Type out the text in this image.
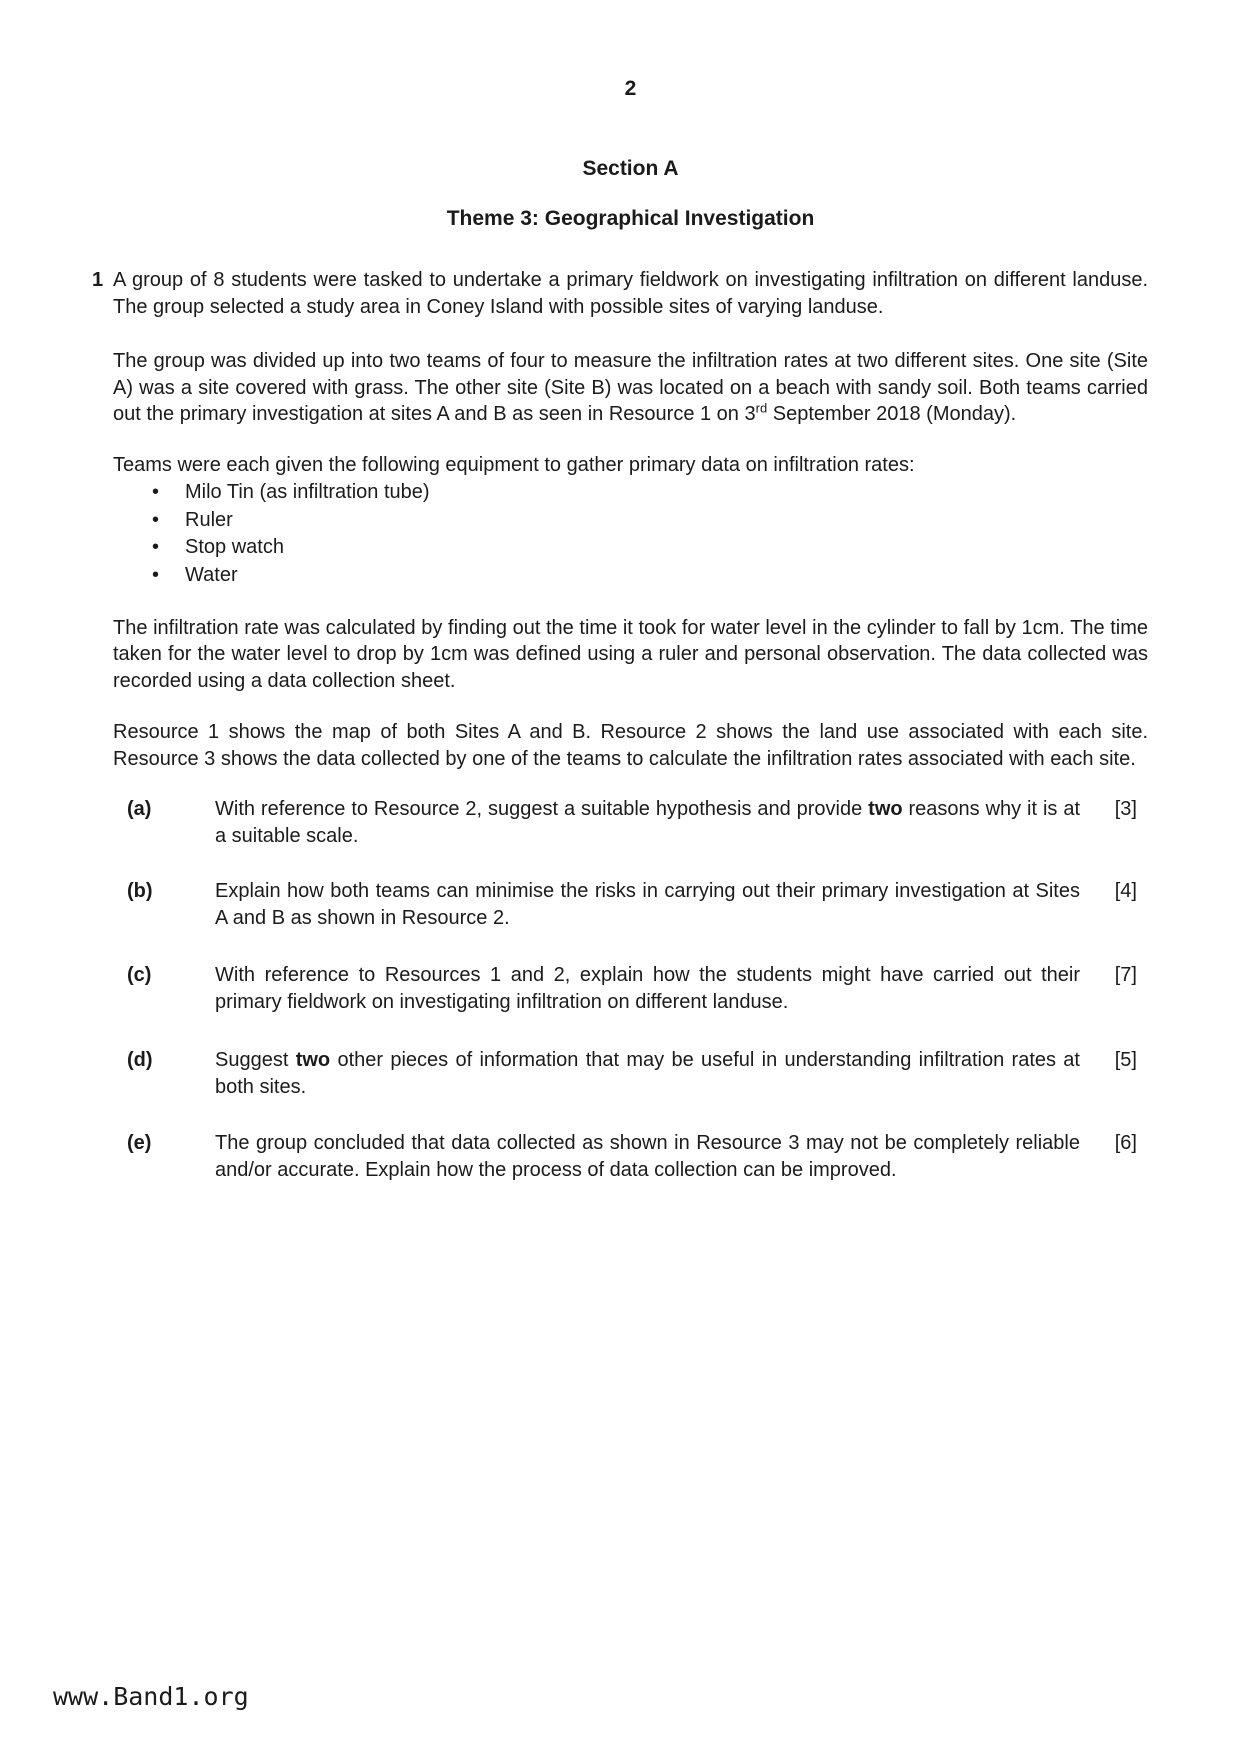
2

Section A

Theme 3: Geographical Investigation

1 A group of 8 students were tasked to undertake a primary fieldwork on investigating infiltration on different landuse. The group selected a study area in Coney Island with possible sites of varying landuse.

The group was divided up into two teams of four to measure the infiltration rates at two different sites. One site (Site A) was a site covered with grass. The other site (Site B) was located on a beach with sandy soil. Both teams carried out the primary investigation at sites A and B as seen in Resource 1 on 3rd September 2018 (Monday).

Teams were each given the following equipment to gather primary data on infiltration rates:

• Milo Tin (as infiltration tube)
• Ruler
• Stop watch
• Water

The infiltration rate was calculated by finding out the time it took for water level in the cylinder to fall by 1cm. The time taken for the water level to drop by 1cm was defined using a ruler and personal observation. The data collected was recorded using a data collection sheet.

Resource 1 shows the map of both Sites A and B. Resource 2 shows the land use associated with each site. Resource 3 shows the data collected by one of the teams to calculate the infiltration rates associated with each site.

(a)	With reference to Resource 2, suggest a suitable hypothesis and provide two reasons why it is at a suitable scale.
[3]
(b)	Explain how both teams can minimise the risks in carrying out their primary investigation at Sites A and B as shown in Resource 2.
[4]
(c)	With reference to Resources 1 and 2, explain how the students might have carried out their primary fieldwork on investigating infiltration on different landuse.
[7]
(d)	Suggest two other pieces of information that may be useful in understanding infiltration rates at both sites.
[5]
(e)	The group concluded that data collected as shown in Resource 3 may not be completely reliable and/or accurate. Explain how the process of data collection can be improved.
[6]
www.Band1.org
